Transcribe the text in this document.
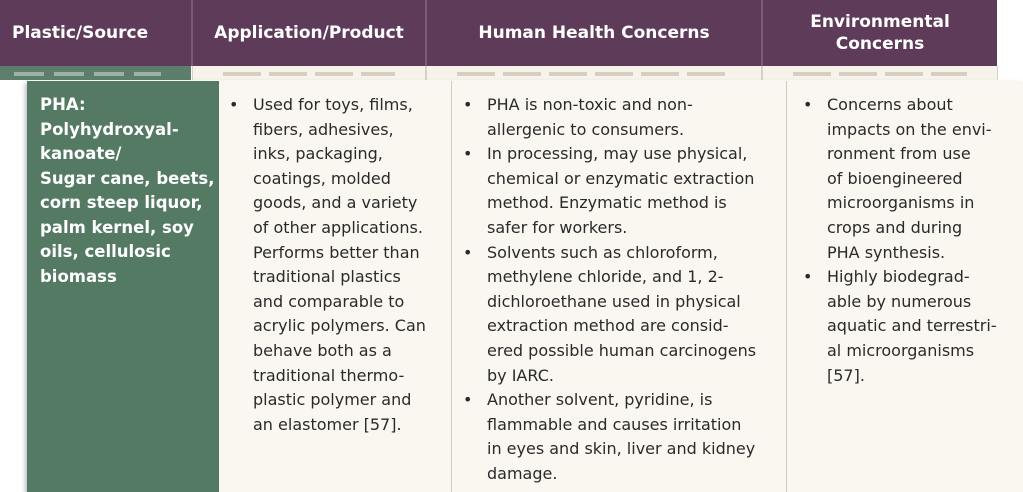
Plastic/Source	Application/Product	Human Health Concerns
Environmental
Concerns
PHA:
Polyhydroxyal-
kanoate/
Sugar cane, beets,
corn steep liquor,
palm kernel, soy
oils, cellulosic
biomass
• Used for toys, films,
fibers, adhesives,
inks, packaging,
coatings, molded
goods, and a variety
of other applications.
Performs better than
traditional plastics
and comparable to
acrylic polymers. Can
behave both as a
traditional thermo-
plastic polymer and
an elastomer [57].
• PHA is non-toxic and non-
allergenic to consumers.
• In processing, may use physical,
chemical or enzymatic extraction
method. Enzymatic method is
safer for workers.
• Solvents such as chloroform,
methylene chloride, and 1, 2-
dichloroethane used in physical
extraction method are consid-
ered possible human carcinogens
by IARC.
• Another solvent, pyridine, is
flammable and causes irritation
in eyes and skin, liver and kidney
damage.
• Concerns about
impacts on the envi-
ronment from use
of bioengineered
microorganisms in
crops and during
PHA synthesis.
• Highly biodegrad-
able by numerous
aquatic and terrestri-
al microorganisms
[57].
